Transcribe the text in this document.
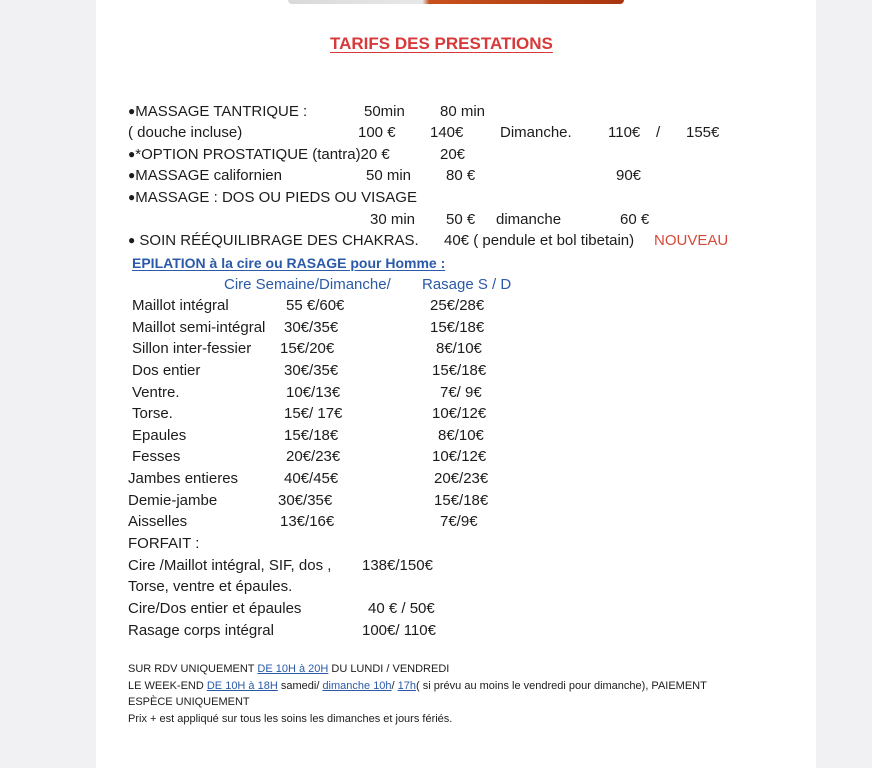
TARIFS DES PRESTATIONS
●MASSAGE TANTRIQUE :	50min 80 min
( douche incluse)	100 € 140€ Dimanche. 110€ / 155€
●*OPTION PROSTATIQUE (tantra)20 €	20€
●MASSAGE californien	50 min 80 €	90€
●MASSAGE : DOS OU PIEDS OU VISAGE
30 min 50 € dimanche	60 €
● SOIN RÉÉQUILIBRAGE DES CHAKRAS. 40€ ( pendule et bol tibetain) NOUVEAU
EPILATION à la cire ou RASAGE pour Homme :
Cire Semaine/Dimanche/ Rasage S / D
Maillot intégral	55 €/60€	25€/28€
Maillot semi-intégral 30€/35€	15€/18€
Sillon inter-fessier 15€/20€	8€/10€
Dos entier	30€/35€	15€/18€
Ventre.	10€/13€	7€/ 9€
Torse.	15€/ 17€	10€/12€
Epaules	15€/18€	8€/10€
Fesses	20€/23€	10€/12€
Jambes entieres	40€/45€	20€/23€
Demie-jambe	30€/35€	15€/18€
Aisselles	13€/16€	7€/9€
FORFAIT :
Cire /Maillot intégral, SIF, dos , 138€/150€
Torse, ventre et épaules.
Cire/Dos entier et épaules	40 € / 50€
Rasage corps intégral	100€/ 110€
SUR RDV UNIQUEMENT DE 10H à 20H DU LUNDI / VENDREDI
LE WEEK-END DE 10H à 18H samedi/ dimanche 10h/ 17h( si prévu au moins le vendredi pour dimanche), PAIEMENT
ESPÈCE UNIQUEMENT
Prix + est appliqué sur tous les soins les dimanches et jours fériés.
